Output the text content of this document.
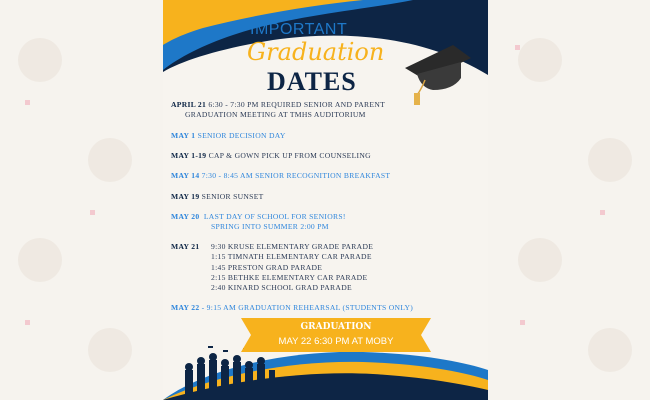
IMPORTANT
Graduation
DATES
APRIL 21 6:30 - 7:30 PM REQUIRED SENIOR AND PARENT
GRADUATION MEETING AT TMHS AUDITORIUM
MAY 1 SENIOR DECISION DAY
MAY 1-19 CAP & GOWN PICK UP FROM COUNSELING
MAY 14 7:30 - 8:45 AM SENIOR RECOGNITION BREAKFAST
MAY 19 SENIOR SUNSET
MAY 20 LAST DAY OF SCHOOL FOR SENIORS!
SPRING INTO SUMMER 2:00 PM
MAY 21	9:30 KRUSE ELEMENTARY GRADE PARADE
1:15 TIMNATH ELEMENTARY CAR PARADE
1:45 PRESTON GRAD PARADE
2:15 BETHKE ELEMENTARY CAR PARADE
2:40 KINARD SCHOOL GRAD PARADE
MAY 22 - 9:15 AM GRADUATION REHEARSAL (STUDENTS ONLY)
GRADUATION
MAY 22 6:30 PM AT MOBY
